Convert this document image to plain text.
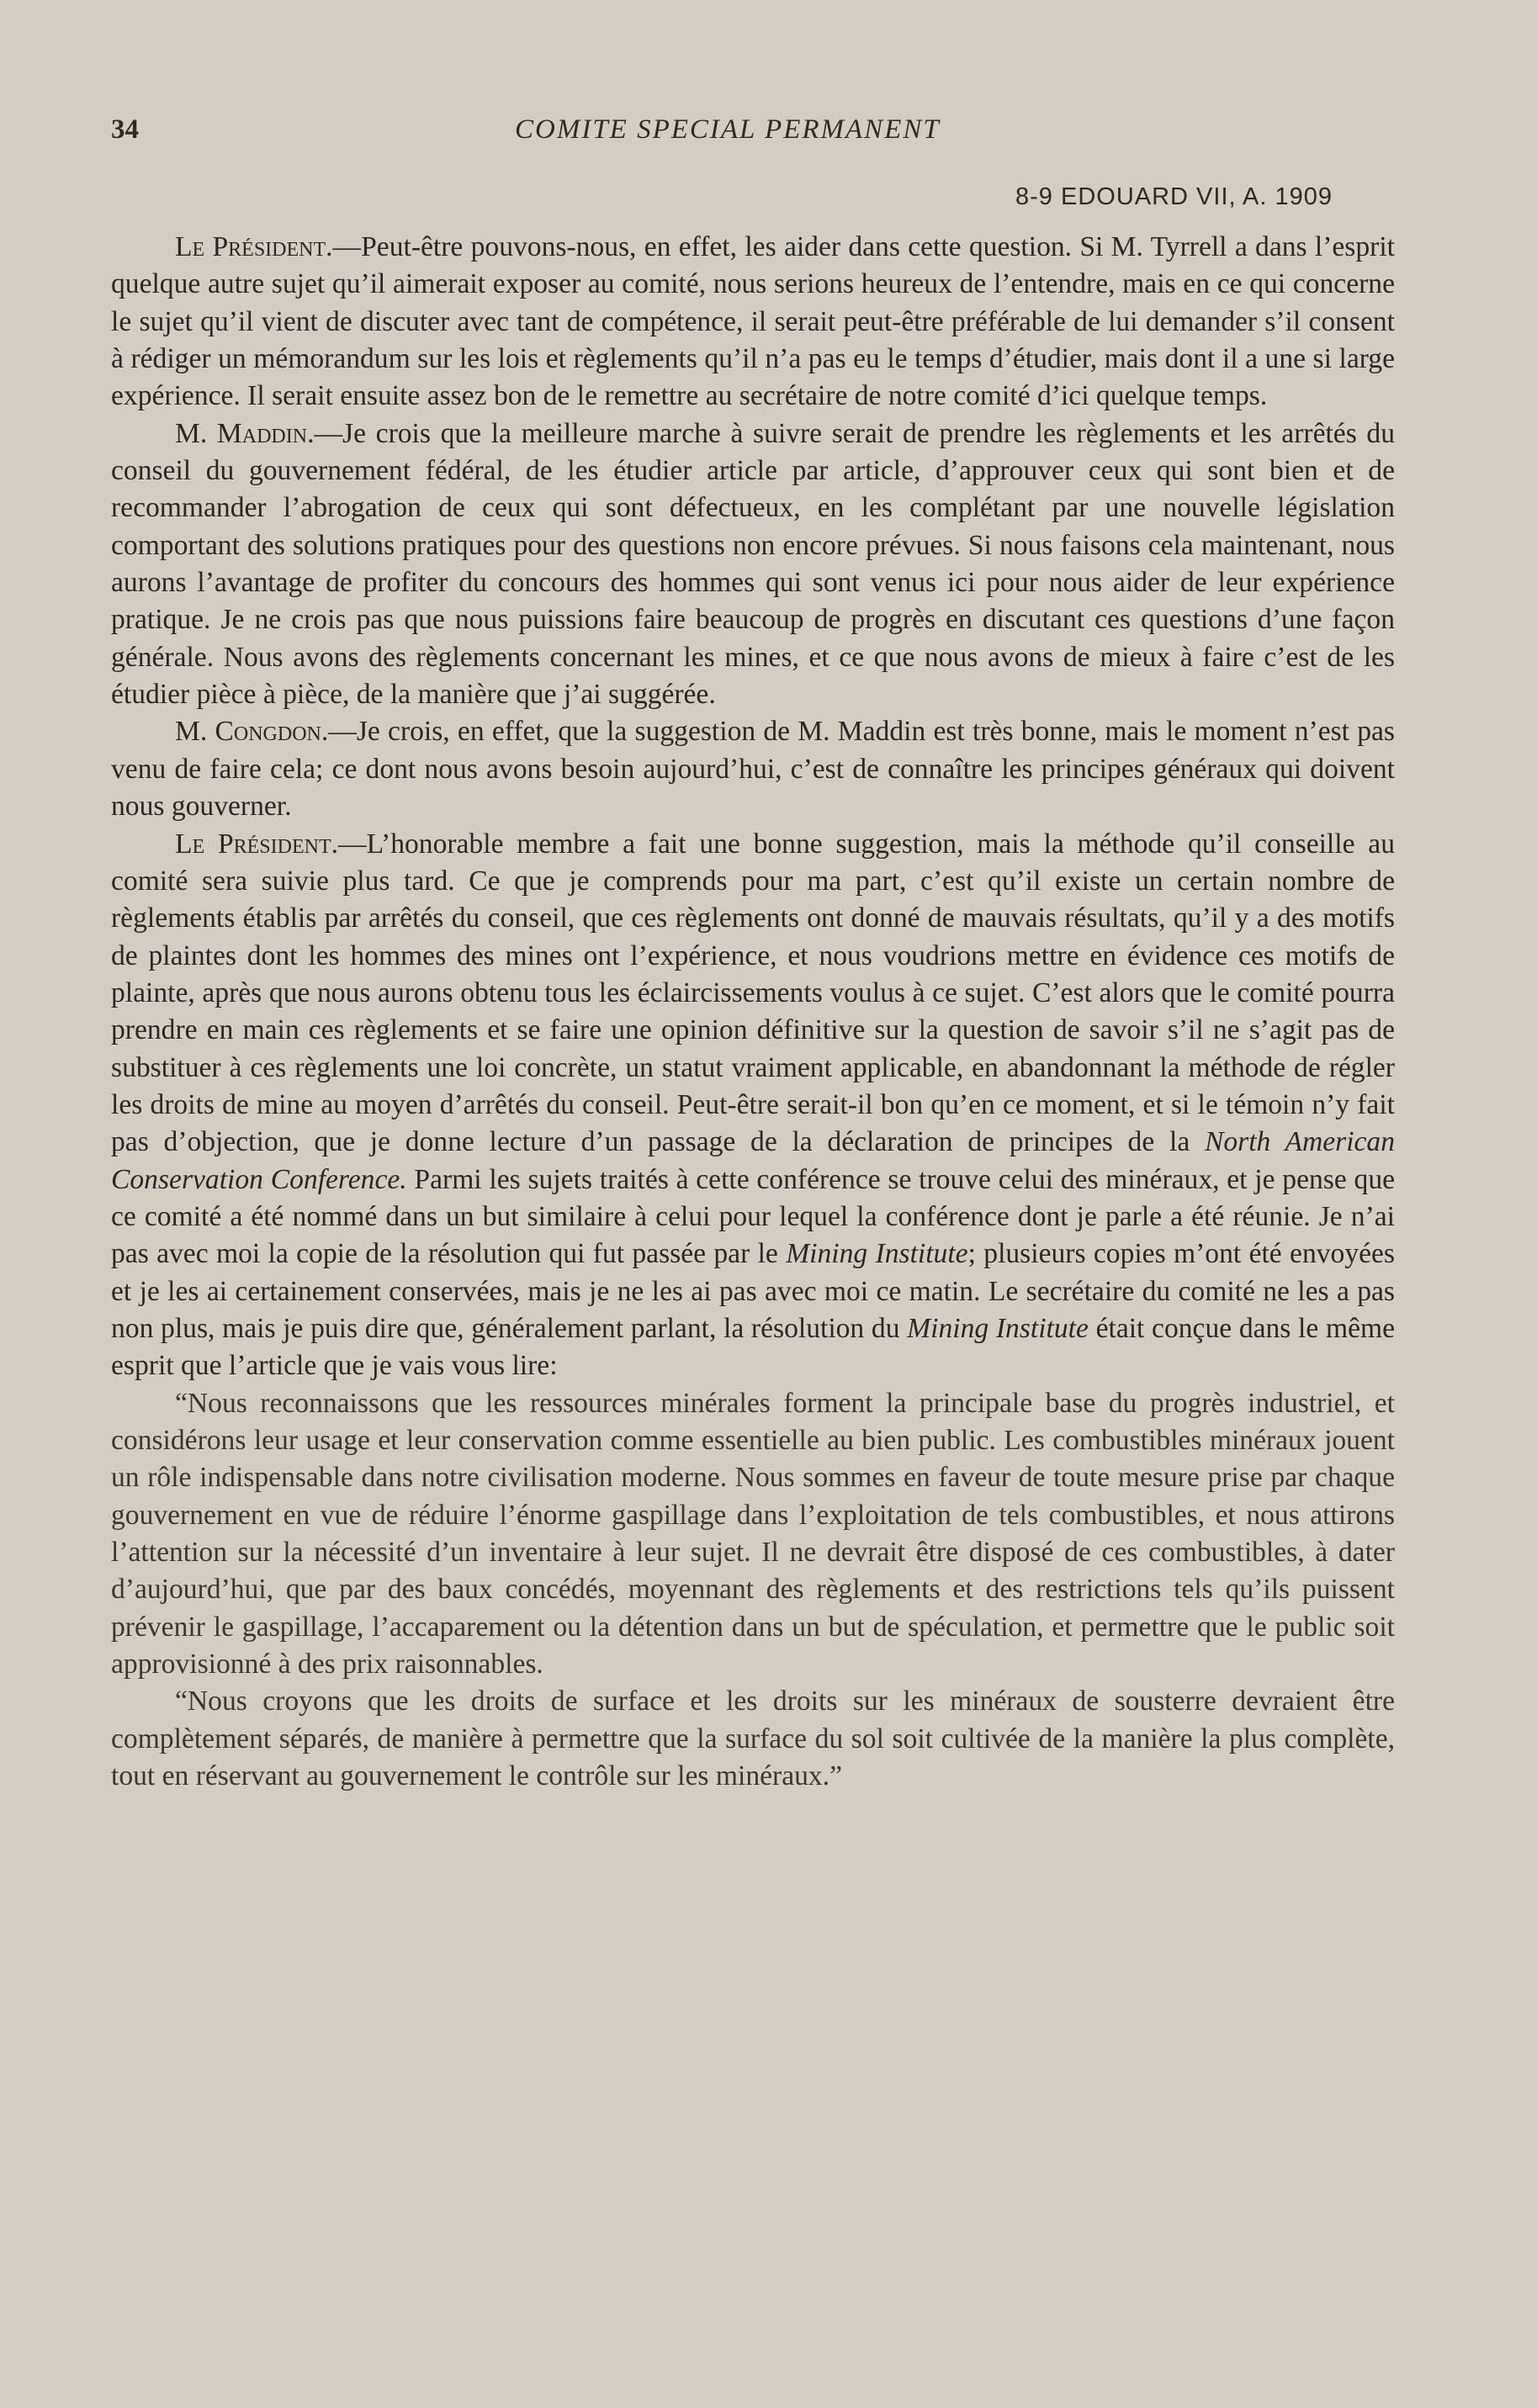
34	COMITE SPECIAL PERMANENT
8-9 EDOUARD VII, A. 1909

Le Président.—Peut-être pouvons-nous, en effet, les aider dans cette question. Si M. Tyrrell a dans l’esprit quelque autre sujet qu’il aimerait exposer au comité, nous serions heureux de l’entendre, mais en ce qui concerne le sujet qu’il vient de discuter avec tant de compétence, il serait peut-être préférable de lui demander s’il consent à rédiger un mémorandum sur les lois et règlements qu’il n’a pas eu le temps d’étudier, mais dont il a une si large expérience. Il serait ensuite assez bon de le remettre au secrétaire de notre comité d’ici quelque temps.

M. Maddin.—Je crois que la meilleure marche à suivre serait de prendre les règlements et les arrêtés du conseil du gouvernement fédéral, de les étudier article par article, d’approuver ceux qui sont bien et de recommander l’abrogation de ceux qui sont défectueux, en les complétant par une nouvelle législation comportant des solutions pratiques pour des questions non encore prévues. Si nous faisons cela maintenant, nous aurons l’avantage de profiter du concours des hommes qui sont venus ici pour nous aider de leur expérience pratique. Je ne crois pas que nous puissions faire beaucoup de progrès en discutant ces questions d’une façon générale. Nous avons des règlements concernant les mines, et ce que nous avons de mieux à faire c’est de les étudier pièce à pièce, de la manière que j’ai suggérée.

M. Congdon.—Je crois, en effet, que la suggestion de M. Maddin est très bonne, mais le moment n’est pas venu de faire cela; ce dont nous avons besoin aujourd’hui, c’est de connaître les principes généraux qui doivent nous gouverner.

Le Président.—L’honorable membre a fait une bonne suggestion, mais la méthode qu’il conseille au comité sera suivie plus tard. Ce que je comprends pour ma part, c’est qu’il existe un certain nombre de règlements établis par arrêtés du conseil, que ces règlements ont donné de mauvais résultats, qu’il y a des motifs de plaintes dont les hommes des mines ont l’expérience, et nous voudrions mettre en évidence ces motifs de plainte, après que nous aurons obtenu tous les éclaircissements voulus à ce sujet. C’est alors que le comité pourra prendre en main ces règlements et se faire une opinion définitive sur la question de savoir s’il ne s’agit pas de substituer à ces règlements une loi concrète, un statut vraiment applicable, en abandonnant la méthode de régler les droits de mine au moyen d’arrêtés du conseil. Peut-être serait-il bon qu’en ce moment, et si le témoin n’y fait pas d’objection, que je donne lecture d’un passage de la déclaration de principes de la North American Conservation Conference. Parmi les sujets traités à cette conférence se trouve celui des minéraux, et je pense que ce comité a été nommé dans un but similaire à celui pour lequel la conférence dont je parle a été réunie. Je n’ai pas avec moi la copie de la résolution qui fut passée par le Mining Institute; plusieurs copies m’ont été envoyées et je les ai certainement conservées, mais je ne les ai pas avec moi ce matin. Le secrétaire du comité ne les a pas non plus, mais je puis dire que, généralement parlant, la résolution du Mining Institute était conçue dans le même esprit que l’article que je vais vous lire:

“Nous reconnaissons que les ressources minérales forment la principale base du progrès industriel, et considérons leur usage et leur conservation comme essentielle au bien public. Les combustibles minéraux jouent un rôle indispensable dans notre civilisation moderne. Nous sommes en faveur de toute mesure prise par chaque gouvernement en vue de réduire l’énorme gaspillage dans l’exploitation de tels combustibles, et nous attirons l’attention sur la nécessité d’un inventaire à leur sujet. Il ne devrait être disposé de ces combustibles, à dater d’aujourd’hui, que par des baux concédés, moyennant des règlements et des restrictions tels qu’ils puissent prévenir le gaspillage, l’accaparement ou la détention dans un but de spéculation, et permettre que le public soit approvisionné à des prix raisonnables.

“Nous croyons que les droits de surface et les droits sur les minéraux de sousterre devraient être complètement séparés, de manière à permettre que la surface du sol soit cultivée de la manière la plus complète, tout en réservant au gouvernement le contrôle sur les minéraux.”
